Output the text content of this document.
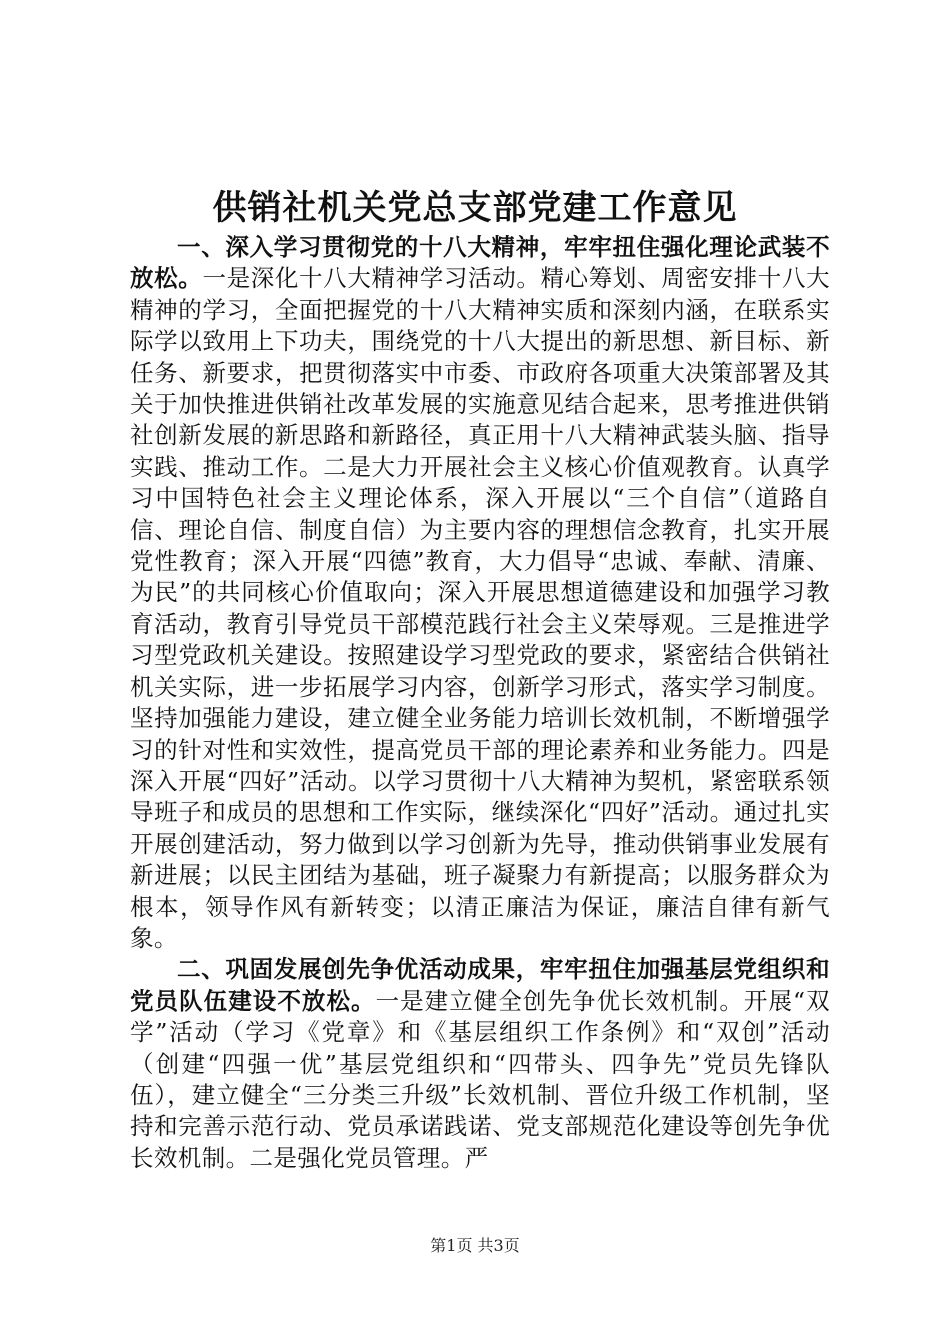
供销社机关党总支部党建工作意见

一、深入学习贯彻党的十八大精神，牢牢扭住强化理论武装不放松。一是深化十八大精神学习活动。精心筹划、周密安排十八大精神的学习，全面把握党的十八大精神实质和深刻内涵，在联系实际学以致用上下功夫，围绕党的十八大提出的新思想、新目标、新任务、新要求，把贯彻落实中市委、市政府各项重大决策部署及其关于加快推进供销社改革发展的实施意见结合起来，思考推进供销社创新发展的新思路和新路径，真正用十八大精神武装头脑、指导实践、推动工作。二是大力开展社会主义核心价值观教育。认真学习中国特色社会主义理论体系，深入开展以“三个自信”（道路自信、理论自信、制度自信）为主要内容的理想信念教育，扎实开展党性教育；深入开展“四德”教育，大力倡导“忠诚、奉献、清廉、为民”的共同核心价值取向；深入开展思想道德建设和加强学习教育活动，教育引导党员干部模范践行社会主义荣辱观。三是推进学习型党政机关建设。按照建设学习型党政的要求，紧密结合供销社机关实际，进一步拓展学习内容，创新学习形式，落实学习制度。坚持加强能力建设，建立健全业务能力培训长效机制，不断增强学习的针对性和实效性，提高党员干部的理论素养和业务能力。四是深入开展“四好”活动。以学习贯彻十八大精神为契机，紧密联系领导班子和成员的思想和工作实际，继续深化“四好”活动。通过扎实开展创建活动，努力做到以学习创新为先导，推动供销事业发展有新进展；以民主团结为基础，班子凝聚力有新提高；以服务群众为根本，领导作风有新转变；以清正廉洁为保证，廉洁自律有新气象。

二、巩固发展创先争优活动成果，牢牢扭住加强基层党组织和党员队伍建设不放松。一是建立健全创先争优长效机制。开展“双学”活动（学习《党章》和《基层组织工作条例》和“双创”活动（创建“四强一优”基层党组织和“四带头、四争先”党员先锋队伍），建立健全“三分类三升级”长效机制、晋位升级工作机制，坚持和完善示范行动、党员承诺践诺、党支部规范化建设等创先争优长效机制。二是强化党员管理。严

第1页 共3页
